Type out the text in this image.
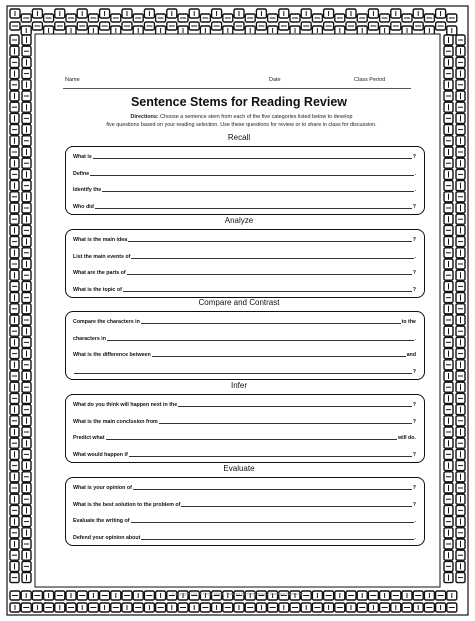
Name	Date	Class Period
Sentence Stems for Reading Review
Directions: Choose a sentence stem from each of the five categories listed below to develop
five questions based on your reading selection. Use these questions for review or to share in class for discussion.
Recall
What is	?
Define	.
Identify the	.
Who did	?
Analyze
What is the main idea	?
List the main events of	.
What are the parts of	?
What is the topic of	?
Compare and Contrast
Compare the characters in	to the
characters in	.
What is the difference between	and
?
Infer
What do you think will happen next in the	?
What is the main conclusion from	?
Predict what	will do.
What would happen if	?
Evaluate
What is your opinion of	?
What is the best solution to the problem of	?
Evaluate the writing of	.
Defend your opinion about	.
Copyright ©2016 Chad Marin, Teacher Worker | www.2TeachingTools.com
